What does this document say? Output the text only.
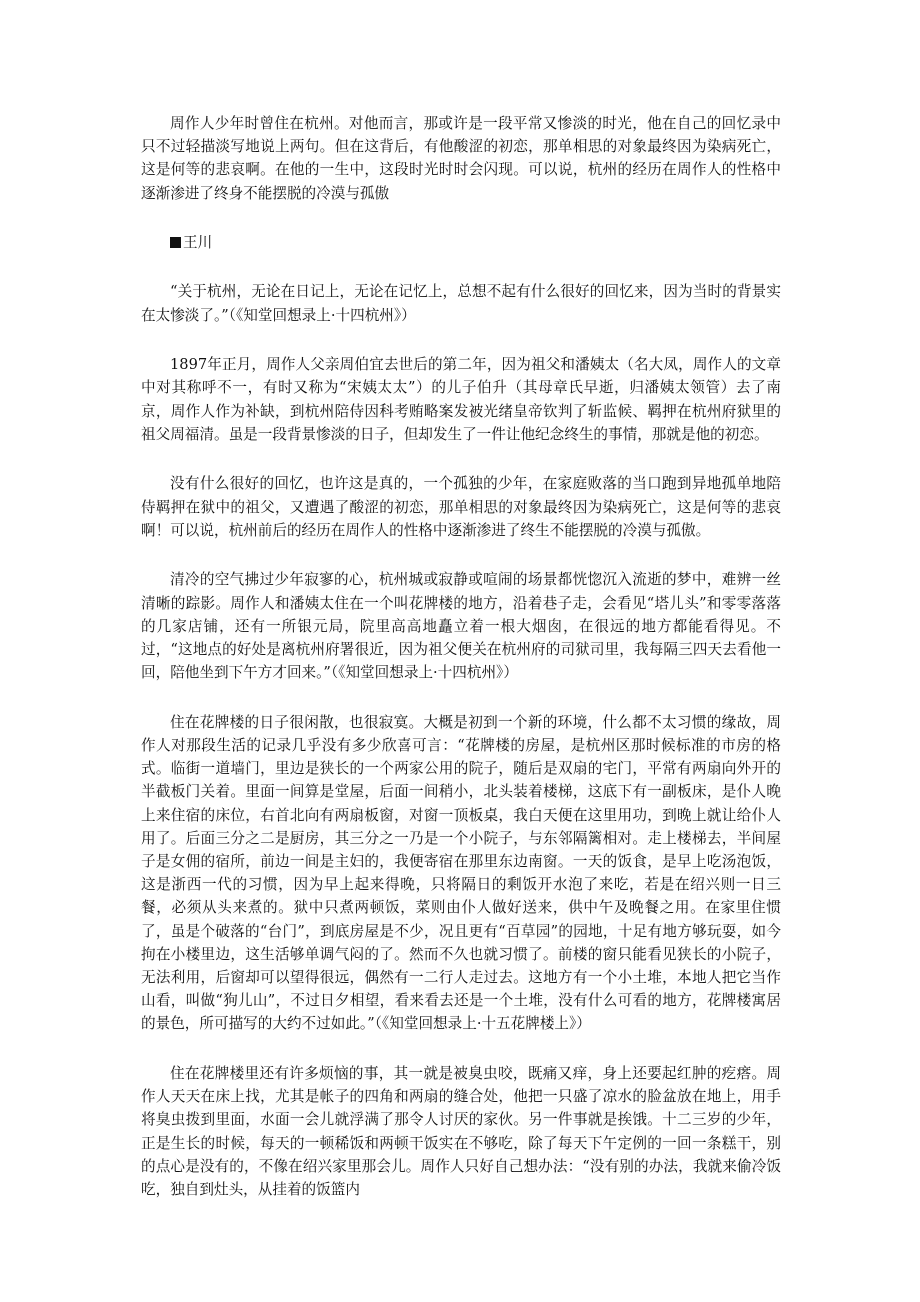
周作人少年时曾住在杭州。对他而言，那或许是一段平常又惨淡的时光，他在自己的回忆录中只不过轻描淡写地说上两句。但在这背后，有他酸涩的初恋，那单相思的对象最终因为染病死亡，这是何等的悲哀啊。在他的一生中，这段时光时时会闪现。可以说，杭州的经历在周作人的性格中逐渐渗进了终身不能摆脱的冷漠与孤傲

王川

“关于杭州，无论在日记上，无论在记忆上，总想不起有什么很好的回忆来，因为当时的背景实在太惨淡了。”（《知堂回想录上·十四杭州》）

1897年正月，周作人父亲周伯宜去世后的第二年，因为祖父和潘姨太（名大凤，周作人的文章中对其称呼不一，有时又称为“宋姨太太”）的儿子伯升（其母章氏早逝，归潘姨太领管）去了南京，周作人作为补缺，到杭州陪侍因科考贿略案发被光绪皇帝钦判了斩监候、羁押在杭州府狱里的祖父周福清。虽是一段背景惨淡的日子，但却发生了一件让他纪念终生的事情，那就是他的初恋。

没有什么很好的回忆，也许这是真的，一个孤独的少年，在家庭败落的当口跑到异地孤单地陪侍羁押在狱中的祖父，又遭遇了酸涩的初恋，那单相思的对象最终因为染病死亡，这是何等的悲哀啊！可以说，杭州前后的经历在周作人的性格中逐渐渗进了终生不能摆脱的冷漠与孤傲。

清冷的空气拂过少年寂寥的心，杭州城或寂静或喧闹的场景都恍惚沉入流逝的梦中，难辨一丝清晰的踪影。周作人和潘姨太住在一个叫花牌楼的地方，沿着巷子走，会看见“塔儿头”和零零落落的几家店铺，还有一所银元局，院里高高地矗立着一根大烟囱，在很远的地方都能看得见。不过，“这地点的好处是离杭州府署很近，因为祖父便关在杭州府的司狱司里，我每隔三四天去看他一回，陪他坐到下午方才回来。”（《知堂回想录上·十四杭州》）

住在花牌楼的日子很闲散，也很寂寞。大概是初到一个新的环境，什么都不太习惯的缘故，周作人对那段生活的记录几乎没有多少欣喜可言：“花牌楼的房屋，是杭州区那时候标准的市房的格式。临街一道墙门，里边是狭长的一个两家公用的院子，随后是双扇的宅门，平常有两扇向外开的半截板门关着。里面一间算是堂屋，后面一间稍小，北头装着楼梯，这底下有一副板床，是仆人晚上来住宿的床位，右首北向有两扇板窗，对窗一顶板桌，我白天便在这里用功，到晚上就让给仆人用了。后面三分之二是厨房，其三分之一乃是一个小院子，与东邻隔篱相对。走上楼梯去，半间屋子是女佣的宿所，前边一间是主妇的，我便寄宿在那里东边南窗。一天的饭食，是早上吃汤泡饭，这是浙西一代的习惯，因为早上起来得晚，只将隔日的剩饭开水泡了来吃，若是在绍兴则一日三餐，必须从头来煮的。狱中只煮两顿饭，菜则由仆人做好送来，供中午及晚餐之用。在家里住惯了，虽是个破落的“台门”，到底房屋是不少，况且更有“百草园”的园地，十足有地方够玩耍，如今拘在小楼里边，这生活够单调气闷的了。然而不久也就习惯了。前楼的窗只能看见狭长的小院子，无法利用，后窗却可以望得很远，偶然有一二行人走过去。这地方有一个小土堆，本地人把它当作山看，叫做“狗儿山”，不过日夕相望，看来看去还是一个土堆，没有什么可看的地方，花牌楼寓居的景色，所可描写的大约不过如此。”（《知堂回想录上·十五花牌楼上》）

住在花牌楼里还有许多烦恼的事，其一就是被臭虫咬，既痛又痒，身上还要起红肿的疙瘩。周作人天天在床上找，尤其是帐子的四角和两扇的缝合处，他把一只盛了凉水的脸盆放在地上，用手将臭虫拨到里面，水面一会儿就浮满了那令人讨厌的家伙。另一件事就是挨饿。十二三岁的少年，正是生长的时候，每天的一顿稀饭和两顿干饭实在不够吃，除了每天下午定例的一回一条糕干，别的点心是没有的，不像在绍兴家里那会儿。周作人只好自己想办法：“没有别的办法，我就来偷冷饭吃，独自到灶头，从挂着的饭篮内
